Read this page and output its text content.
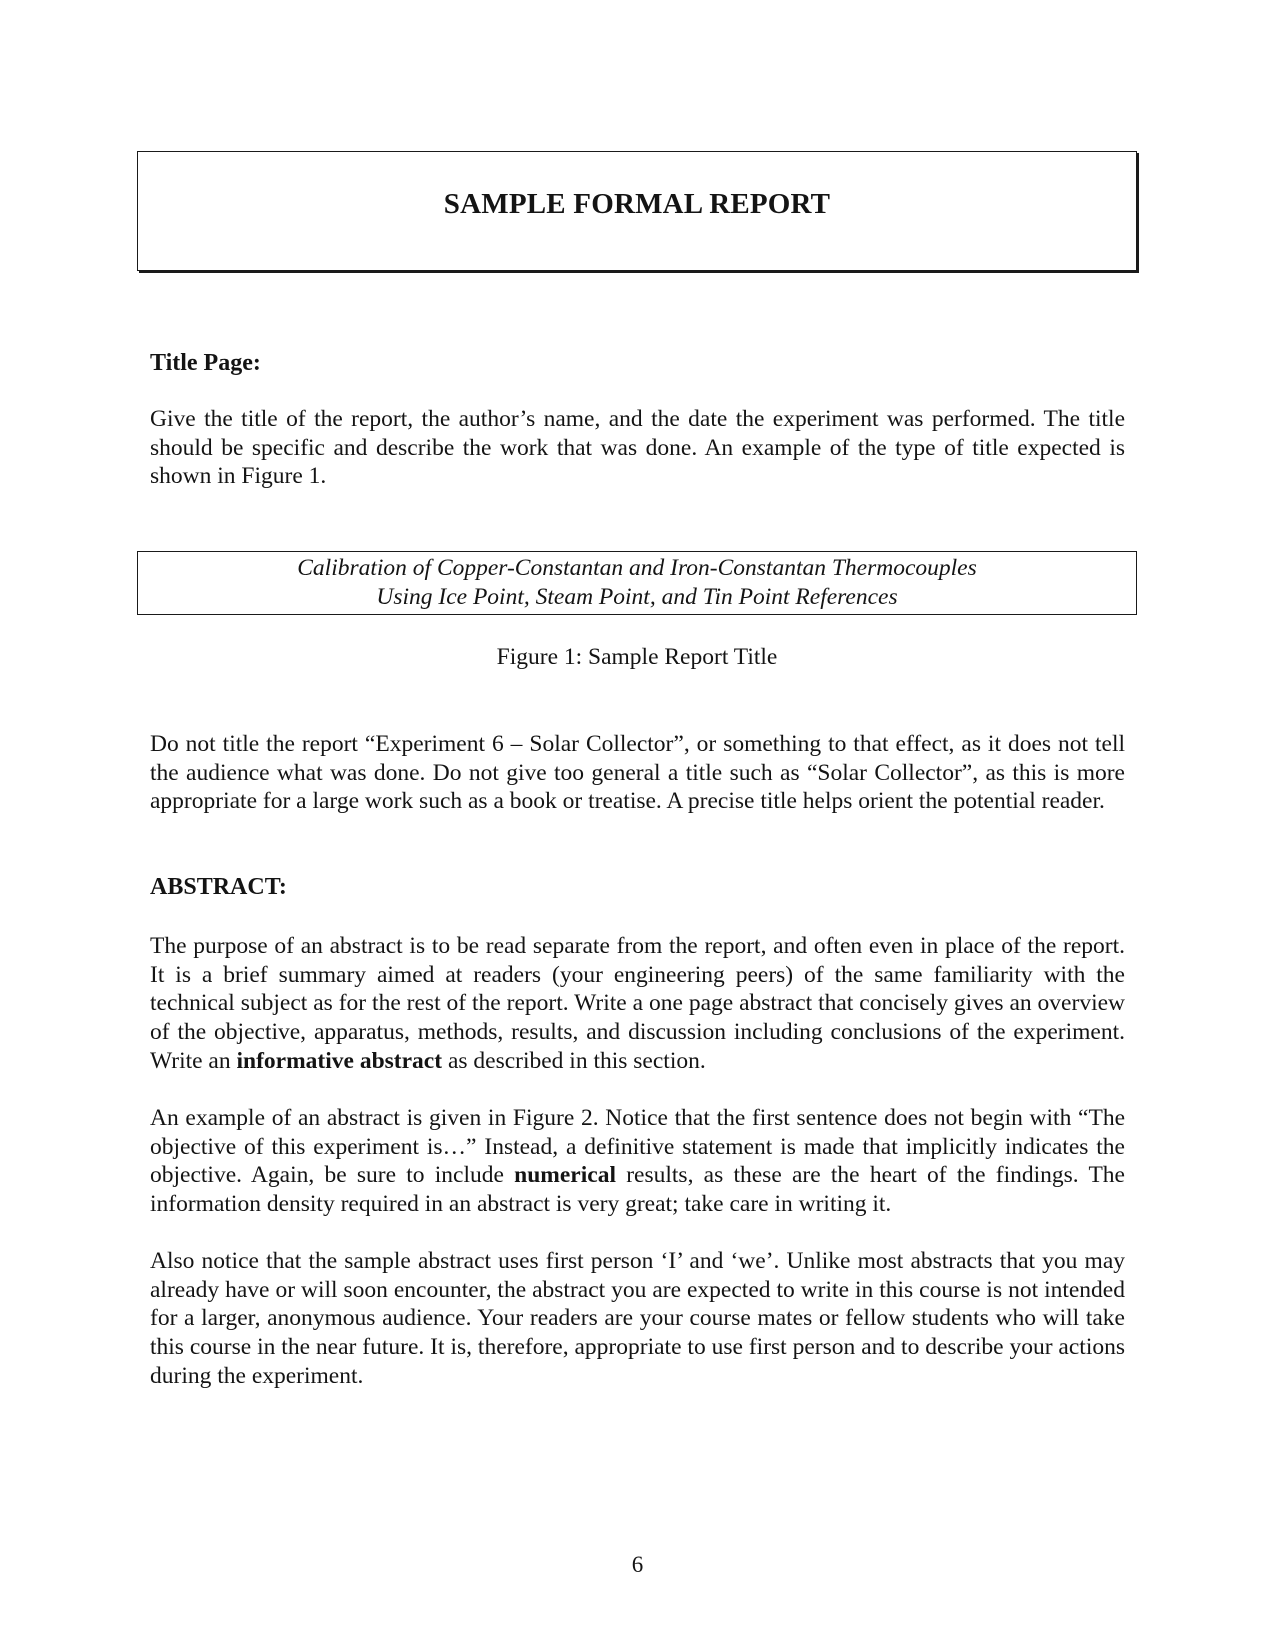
SAMPLE FORMAL REPORT

Title Page:

Give the title of the report, the author’s name, and the date the experiment was performed. The title should be specific and describe the work that was done. An example of the type of title expected is shown in Figure 1.

Calibration of Copper-Constantan and Iron-Constantan Thermocouples
Using Ice Point, Steam Point, and Tin Point References

Figure 1: Sample Report Title

Do not title the report “Experiment 6 – Solar Collector”, or something to that effect, as it does not tell the audience what was done. Do not give too general a title such as “Solar Collector”, as this is more appropriate for a large work such as a book or treatise. A precise title helps orient the potential reader.

ABSTRACT:

The purpose of an abstract is to be read separate from the report, and often even in place of the report. It is a brief summary aimed at readers (your engineering peers) of the same familiarity with the technical subject as for the rest of the report. Write a one page abstract that concisely gives an overview of the objective, apparatus, methods, results, and discussion including conclusions of the experiment. Write an informative abstract as described in this section.

An example of an abstract is given in Figure 2. Notice that the first sentence does not begin with “The objective of this experiment is…” Instead, a definitive statement is made that implicitly indicates the objective. Again, be sure to include numerical results, as these are the heart of the findings. The information density required in an abstract is very great; take care in writing it.

Also notice that the sample abstract uses first person ‘I’ and ‘we’. Unlike most abstracts that you may already have or will soon encounter, the abstract you are expected to write in this course is not intended for a larger, anonymous audience. Your readers are your course mates or fellow students who will take this course in the near future. It is, therefore, appropriate to use first person and to describe your actions during the experiment.

6
